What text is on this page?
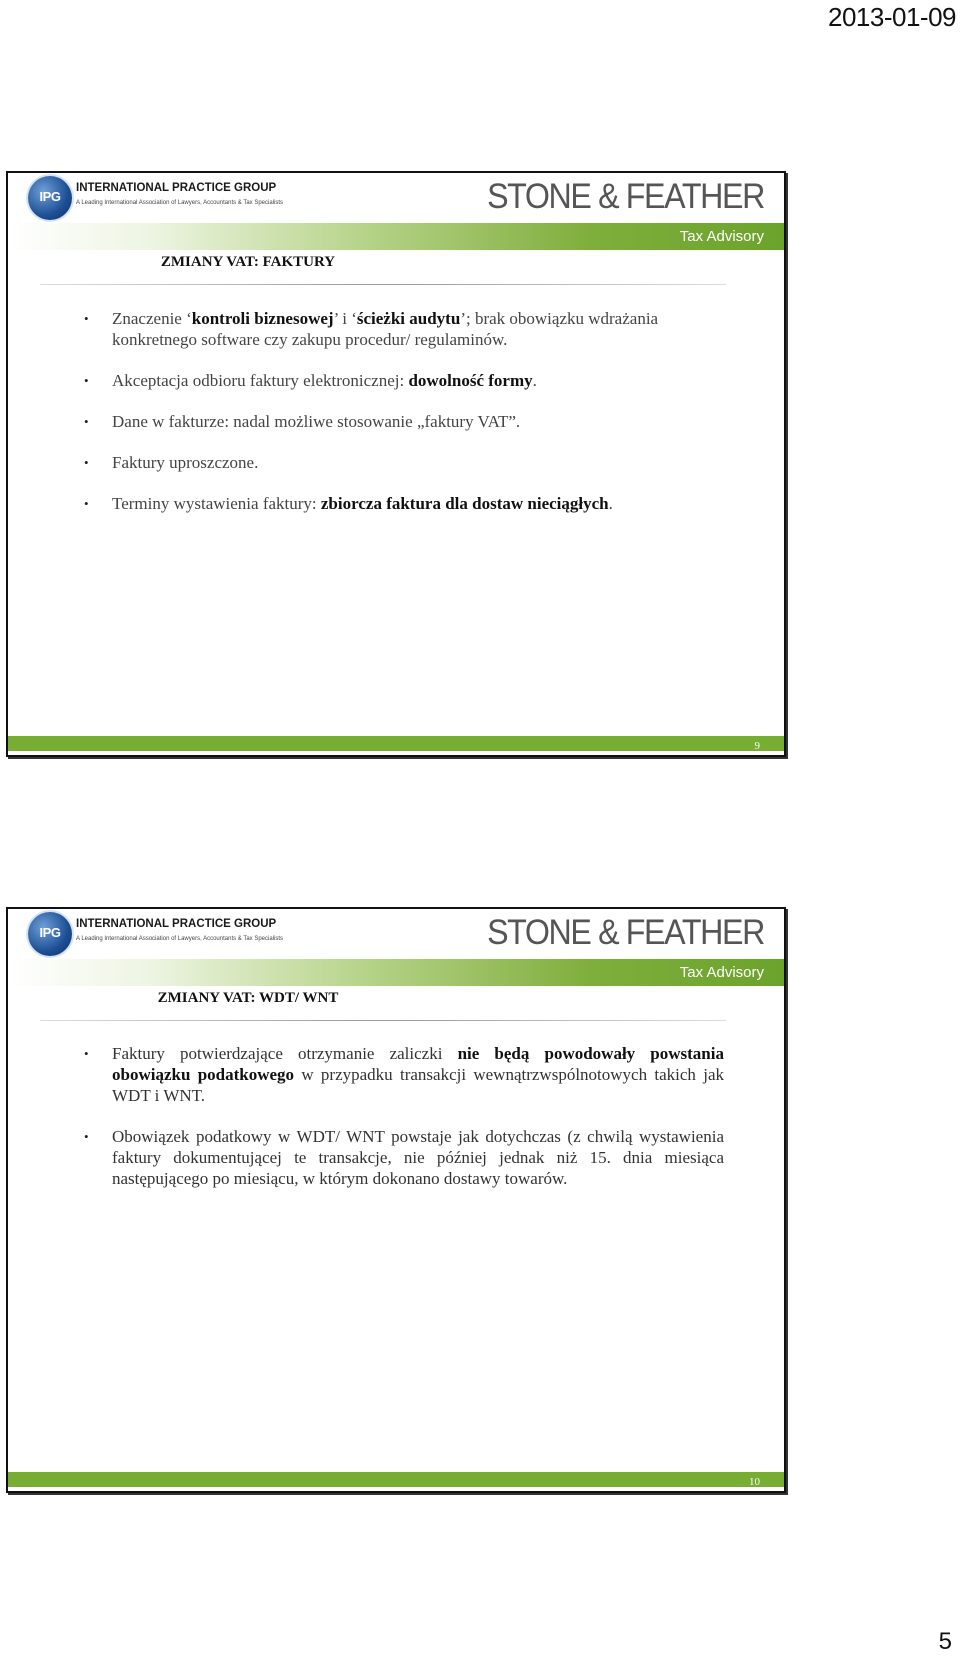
2013-01-09
IPG
INTERNATIONAL PRACTICE GROUP
A Leading International Association of Lawyers, Accountants & Tax Specialists	STONE & FEATHER
Tax Advisory
ZMIANY VAT: FAKTURY
• Znaczenie ‘kontroli biznesowej’ i ‘ścieżki audytu’; brak obowiązku wdrażania konkretnego software czy zakupu procedur/ regulaminów.
• Akceptacja odbioru faktury elektronicznej: dowolność formy.
• Dane w fakturze: nadal możliwe stosowanie „faktury VAT”.
• Faktury uproszczone.
• Terminy wystawienia faktury: zbiorcza faktura dla dostaw nieciągłych.
9
IPG
INTERNATIONAL PRACTICE GROUP
A Leading International Association of Lawyers, Accountants & Tax Specialists	STONE & FEATHER
Tax Advisory
ZMIANY VAT: WDT/ WNT
• Faktury potwierdzające otrzymanie zaliczki nie będą powodowały powstania obowiązku podatkowego w przypadku transakcji wewnątrzwspólnotowych takich jak WDT i WNT.
• Obowiązek podatkowy w WDT/ WNT powstaje jak dotychczas (z chwilą wystawienia faktury dokumentującej te transakcje, nie później jednak niż 15. dnia miesiąca następującego po miesiącu, w którym dokonano dostawy towarów.
10
5
